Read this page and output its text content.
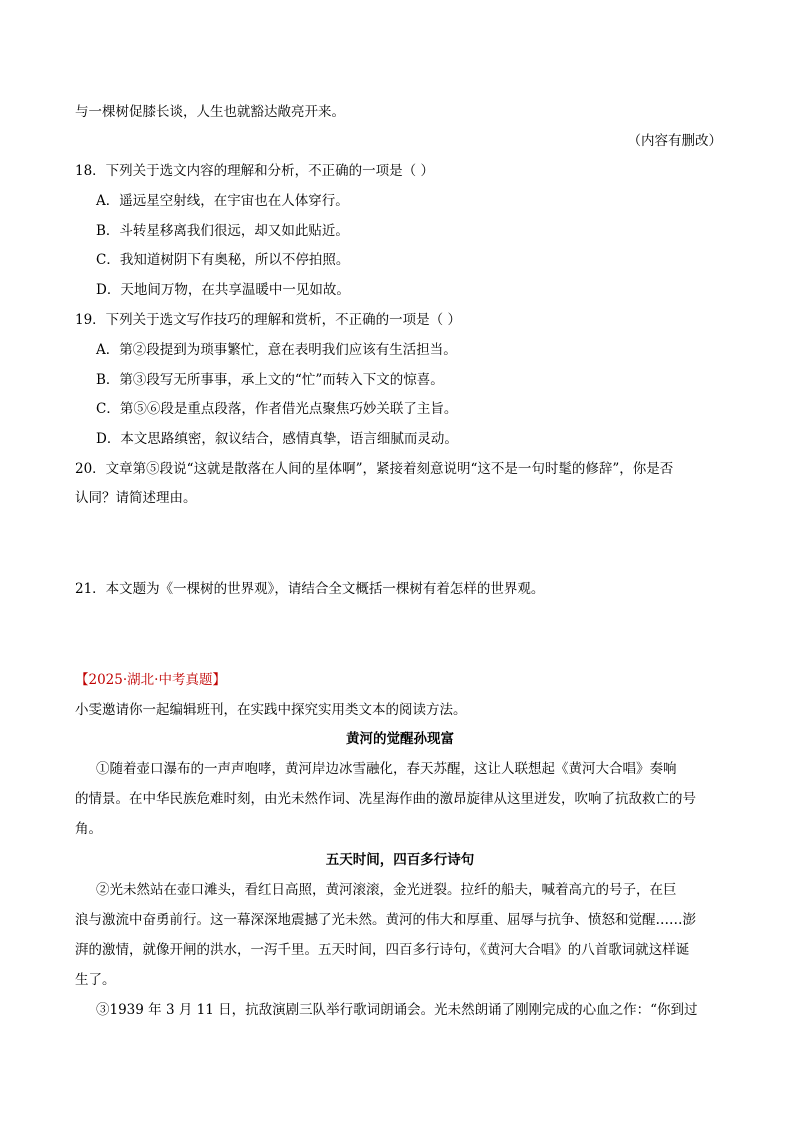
与一棵树促膝长谈，人生也就豁达敞亮开来。
（内容有删改）
18．下列关于选文内容的理解和分析，不正确的一项是（ ）
A．遥远星空射线，在宇宙也在人体穿行。
B．斗转星移离我们很远，却又如此贴近。
C．我知道树阴下有奥秘，所以不停拍照。
D．天地间万物，在共享温暖中一见如故。
19．下列关于选文写作技巧的理解和赏析，不正确的一项是（ ）
A．第②段提到为琐事繁忙，意在表明我们应该有生活担当。
B．第③段写无所事事，承上文的“忙”而转入下文的惊喜。
C．第⑤⑥段是重点段落，作者借光点聚焦巧妙关联了主旨。
D．本文思路缜密，叙议结合，感情真挚，语言细腻而灵动。
20．文章第⑤段说“这就是散落在人间的星体啊”，紧接着刻意说明“这不是一句时髦的修辞”，你是否
认同？请简述理由。
21．本文题为《一棵树的世界观》，请结合全文概括一棵树有着怎样的世界观。
【2025·湖北·中考真题】
小雯邀请你一起编辑班刊，在实践中探究实用类文本的阅读方法。
黄河的觉醒孙现富
①随着壶口瀑布的一声声咆哮，黄河岸边冰雪融化，春天苏醒，这让人联想起《黄河大合唱》奏响
的情景。在中华民族危难时刻，由光未然作词、冼星海作曲的激昂旋律从这里迸发，吹响了抗敌救亡的号
角。
五天时间，四百多行诗句
②光未然站在壶口滩头，看红日高照，黄河滚滚，金光迸裂。拉纤的船夫，喊着高亢的号子，在巨
浪与激流中奋勇前行。这一幕深深地震撼了光未然。黄河的伟大和厚重、屈辱与抗争、愤怒和觉醒……澎
湃的激情，就像开闸的洪水，一泻千里。五天时间，四百多行诗句，《黄河大合唱》的八首歌词就这样诞
生了。
③1939 年 3 月 11 日，抗敌演剧三队举行歌词朗诵会。光未然朗诵了刚刚完成的心血之作：“你到过
